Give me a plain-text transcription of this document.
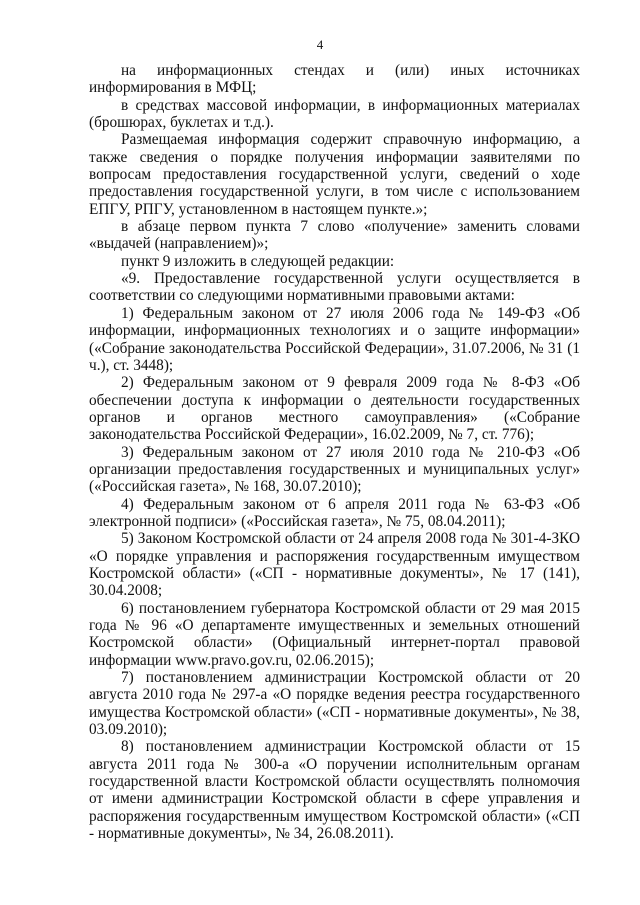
4

на информационных стендах и (или) иных источниках информирования в МФЦ;

в средствах массовой информации, в информационных материалах (брошюрах, буклетах и т.д.).

Размещаемая информация содержит справочную информацию, а также сведения о порядке получения информации заявителями по вопросам предоставления государственной услуги, сведений о ходе предоставления государственной услуги, в том числе с использованием ЕПГУ, РПГУ, установленном в настоящем пункте.»;

в абзаце первом пункта 7 слово «получение» заменить словами «выдачей (направлением)»;

пункт 9 изложить в следующей редакции:

«9. Предоставление государственной услуги осуществляется в соответствии со следующими нормативными правовыми актами:

1) Федеральным законом от 27 июля 2006 года № 149-ФЗ «Об информации, информационных технологиях и о защите информации» («Собрание законодательства Российской Федерации», 31.07.2006, № 31 (1 ч.), ст. 3448);

2) Федеральным законом от 9 февраля 2009 года № 8-ФЗ «Об обеспечении доступа к информации о деятельности государственных органов и органов местного самоуправления» («Собрание законодательства Российской Федерации», 16.02.2009, № 7, ст. 776);

3) Федеральным законом от 27 июля 2010 года № 210-ФЗ «Об организации предоставления государственных и муниципальных услуг» («Российская газета», № 168, 30.07.2010);

4) Федеральным законом от 6 апреля 2011 года № 63-ФЗ «Об электронной подписи» («Российская газета», № 75, 08.04.2011);

5) Законом Костромской области от 24 апреля 2008 года № 301-4-ЗКО «О порядке управления и распоряжения государственным имуществом Костромской области» («СП - нормативные документы», № 17 (141), 30.04.2008;

6) постановлением губернатора Костромской области от 29 мая 2015 года № 96 «О департаменте имущественных и земельных отношений Костромской области» (Официальный интернет-портал правовой информации www.pravo.gov.ru, 02.06.2015);

7) постановлением администрации Костромской области от 20 августа 2010 года № 297-а «О порядке ведения реестра государственного имущества Костромской области» («СП - нормативные документы», № 38, 03.09.2010);

8) постановлением администрации Костромской области от 15 августа 2011 года № 300-а «О поручении исполнительным органам государственной власти Костромской области осуществлять полномочия от имени администрации Костромской области в сфере управления и распоряжения государственным имуществом Костромской области» («СП - нормативные документы», № 34, 26.08.2011).
